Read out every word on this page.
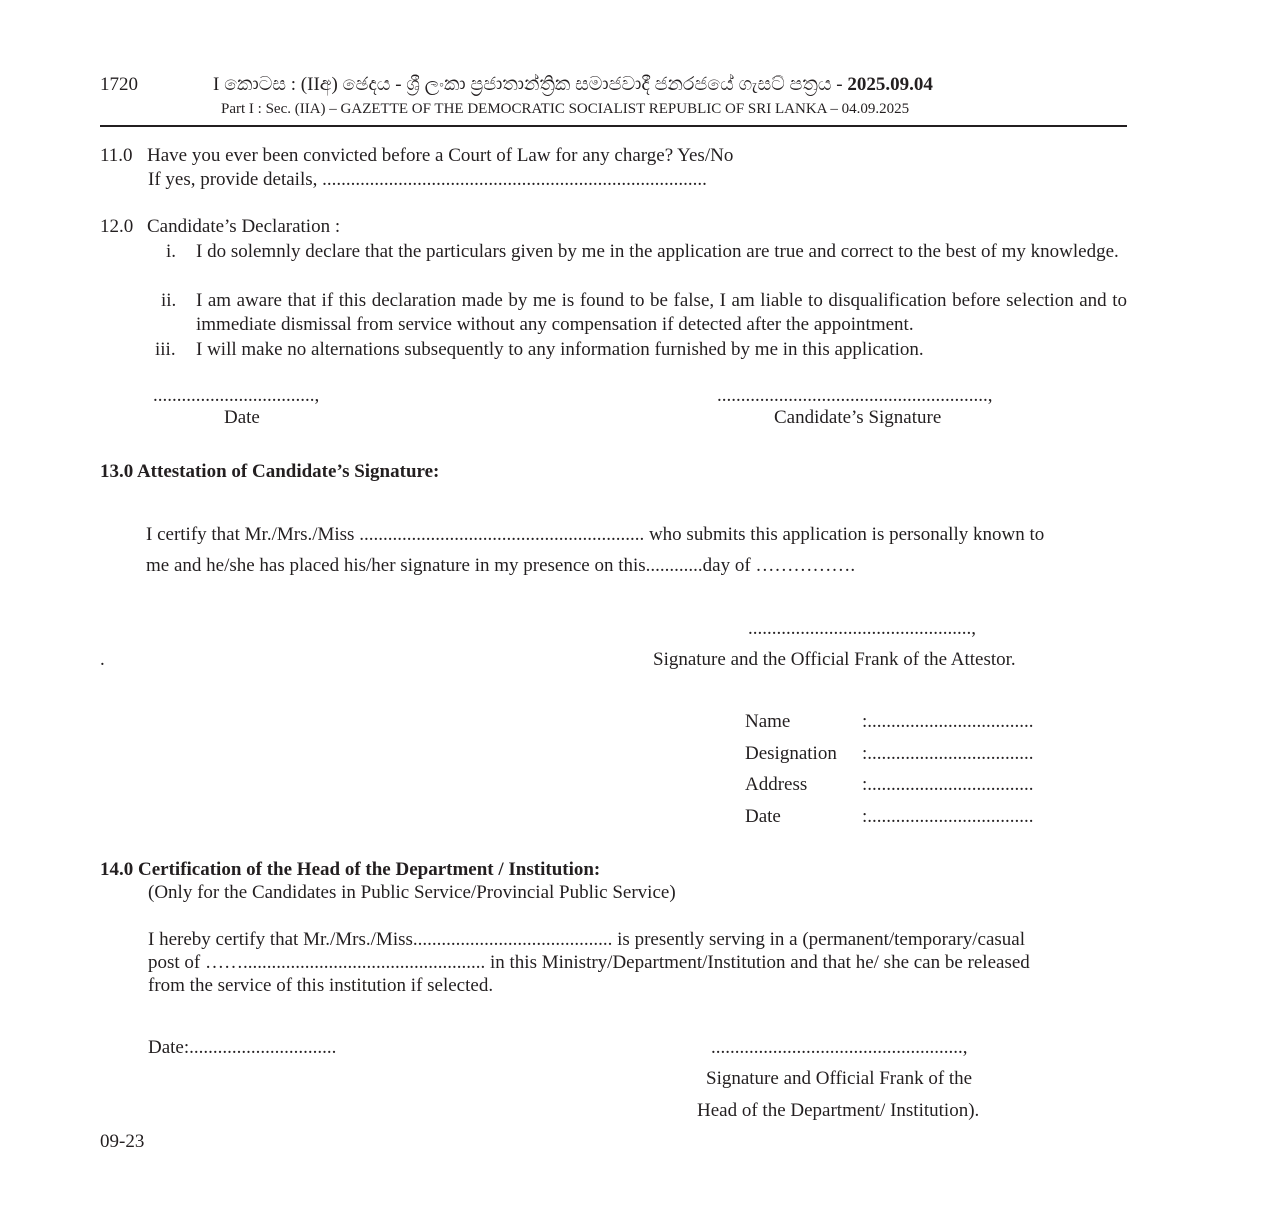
1720	I කොටස : (IIඅ) ඡෙදය - ශ්‍රී ලංකා ප්‍රජාතාන්ත්‍රික සමාජවාදී ජනරජයේ ගැසට් පත්‍රය - 2025.09.04
Part I : Sec. (IIA) – GAZETTE OF THE DEMOCRATIC SOCIALIST REPUBLIC OF SRI LANKA – 04.09.2025
11.0 Have you ever been convicted before a Court of Law for any charge? Yes/No
If yes, provide details, .................................................................................
12.0 Candidate’s Declaration :
i. I do solemnly declare that the particulars given by me in the application are true and correct to the best of my knowledge.
ii. I am aware that if this declaration made by me is found to be false, I am liable to disqualification before selection and to immediate dismissal from service without any compensation if detected after the appointment.
iii. I will make no alternations subsequently to any information furnished by me in this application.
..................................,
Date
.........................................................,
Candidate’s Signature
13.0 Attestation of Candidate’s Signature:
I certify that Mr./Mrs./Miss ............................................................ who submits this application is personally known to
me and he/she has placed his/her signature in my presence on this............day of …………….
...............................................,
.	Signature and the Official Frank of the Attestor.
Name	:...................................
Designation :...................................
Address	:...................................
Date	:...................................
14.0 Certification of the Head of the Department / Institution:
(Only for the Candidates in Public Service/Provincial Public Service)
I hereby certify that Mr./Mrs./Miss.......................................... is presently serving in a (permanent/temporary/casual
post of ……................................................... in this Ministry/Department/Institution and that he/ she can be released
from the service of this institution if selected.
Date:...............................	.....................................................,
Signature and Official Frank of the
Head of the Department/ Institution).
09-23
